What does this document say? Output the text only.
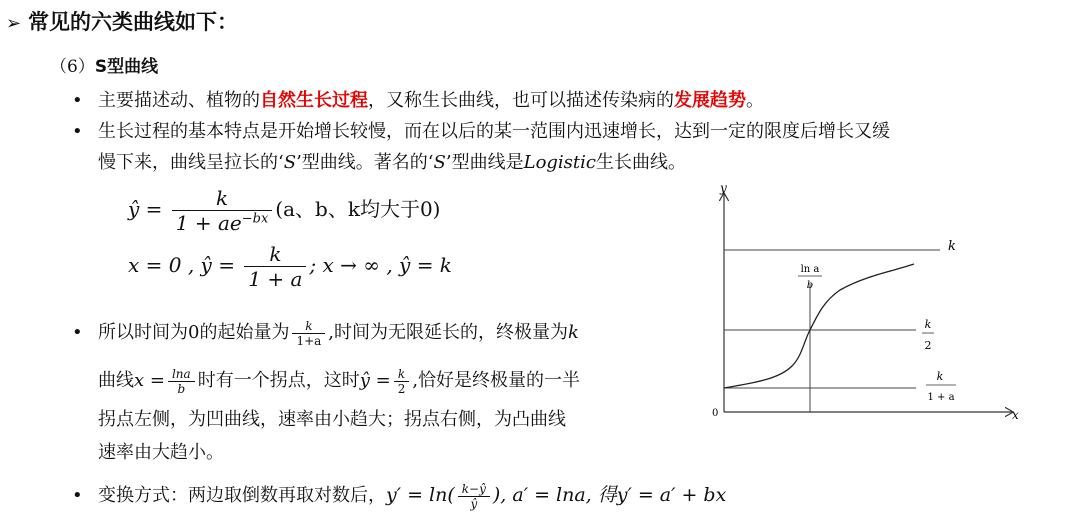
➢ 常见的六类曲线如下：
（6）S型曲线
• 主要描述动、植物的自然生长过程，又称生长曲线，也可以描述传染病的发展趋势。
• 生长过程的基本特点是开始增长较慢，而在以后的某一范围内迅速增长，达到一定的限度后增长又缓
慢下来，曲线呈拉长的‘S’型曲线。著名的‘S’型曲线是Logistic生长曲线。
ŷ = $\frac{k}{1 + ae^{-bx}} (a$、b、k均大于0)
x = 0 , ŷ = $\frac{k}{1 + a}$ ; x → ∞ , ŷ = k
• 所以时间为0的起始量为 $\frac{k}{1+a}$ ,时间为无限延长的，终极量为k
曲线$x = \frac{\ln a}{b}$ 时有一个拐点，这时ŷ = $\frac{k}{2}$ ,恰好是终极量的一半
拐点左侧，为凹曲线，速率由小趋大；拐点右侧，为凸曲线
速率由大趋小。
• 变换方式：两边取倒数再取对数后，$y' = \ln( \frac{k-ŷ}{ŷ}$ ), a′ = lna, 得y′ = a′ + bx
y
x
0
k
k
2
k
1 + a
ln a
b
